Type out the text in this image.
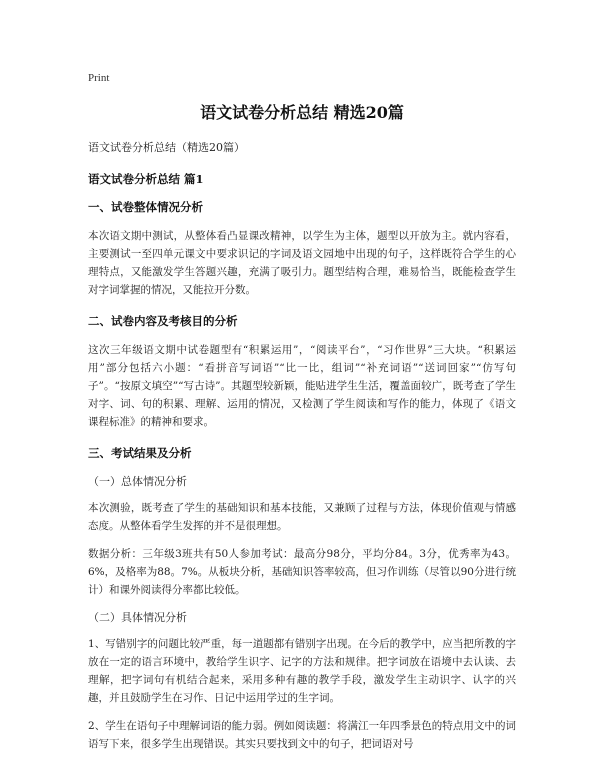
Print
语文试卷分析总结 精选20篇
语文试卷分析总结（精选20篇）
语文试卷分析总结 篇1
一、试卷整体情况分析

本次语文期中测试，从整体看凸显课改精神，以学生为主体，题型以开放为主。就内容看，主要测试一至四单元课文中要求识记的字词及语文园地中出现的句子，这样既符合学生的心理特点，又能激发学生答题兴趣，充满了吸引力。题型结构合理，难易恰当，既能检查学生对字词掌握的情况，又能拉开分数。

二、试卷内容及考核目的分析

这次三年级语文期中试卷题型有“积累运用”，“阅读平台”，“习作世界”三大块。“积累运用”部分包括六小题：“看拼音写词语”“比一比，组词”“补充词语”“送词回家”“仿写句子”。“按原文填空”“写古诗”。其题型较新颖，能贴进学生生活，覆盖面较广，既考查了学生对字、词、句的积累、理解、运用的情况，又检测了学生阅读和写作的能力，体现了《语文课程标准》的精神和要求。

三、考试结果及分析
（一）总体情况分析

本次测验，既考查了学生的基础知识和基本技能，又兼顾了过程与方法，体现价值观与情感态度。从整体看学生发挥的并不是很理想。

数据分析：三年级3班共有50人参加考试：最高分98分，平均分84。3分，优秀率为43。6%，及格率为88。7%。从板块分析，基础知识答率较高，但习作训练（尽管以90分进行统计）和课外阅读得分率都比较低。

（二）具体情况分析

1、写错别字的问题比较严重，每一道题都有错别字出现。在今后的教学中，应当把所教的字放在一定的语言环境中，教给学生识字、记字的方法和规律。把字词放在语境中去认读、去理解，把字词句有机结合起来，采用多种有趣的教学手段，激发学生主动识字、认字的兴趣，并且鼓励学生在习作、日记中运用学过的生字词。

2、学生在语句子中理解词语的能力弱。例如阅读题：将满江一年四季景色的特点用文中的词语写下来，很多学生出现错误。其实只要找到文中的句子，把词语对号
